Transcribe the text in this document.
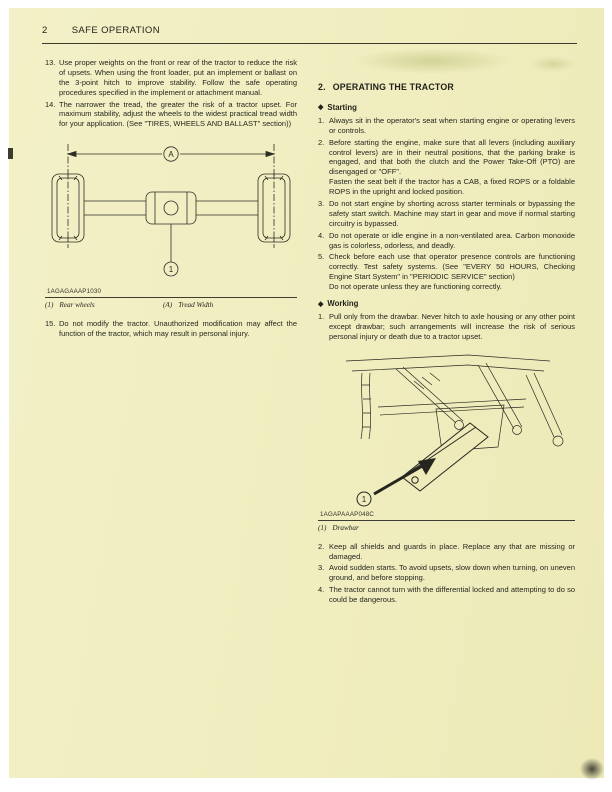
2	SAFE OPERATION
13. Use proper weights on the front or rear of the tractor to reduce the risk of upsets. When using the front loader, put an implement or ballast on the 3-point hitch to improve stability. Follow the safe operating procedures specified in the implement or attachment manual.
14. The narrower the tread, the greater the risk of a tractor upset. For maximum stability, adjust the wheels to the widest practical tread width for your application. (See "TIRES, WHEELS AND BALLAST" section))
A
1
1AGAGAAAP1030
(1) Rear wheels	(A) Tread Width
15. Do not modify the tractor. Unauthorized modification may affect the function of the tractor, which may result in personal injury.
2. OPERATING THE TRACTOR
◆ Starting
1. Always sit in the operator's seat when starting engine or operating levers or controls.
2. Before starting the engine, make sure that all levers (including auxiliary control levers) are in their neutral positions, that the parking brake is engaged, and that both the clutch and the Power Take-Off (PTO) are disengaged or "OFF".
Fasten the seat belt if the tractor has a CAB, a fixed ROPS or a foldable ROPS in the upright and locked position.
3. Do not start engine by shorting across starter terminals or bypassing the safety start switch. Machine may start in gear and move if normal starting circuitry is bypassed.
4. Do not operate or idle engine in a non-ventilated area. Carbon monoxide gas is colorless, odorless, and deadly.
5. Check before each use that operator presence controls are functioning correctly. Test safety systems. (See "EVERY 50 HOURS, Checking Engine Start System" in "PERIODIC SERVICE" section)
Do not operate unless they are functioning correctly.
◆ Working
1. Pull only from the drawbar. Never hitch to axle housing or any other point except drawbar; such arrangements will increase the risk of serious personal injury or death due to a tractor upset.
1
1AGAPAAAP048C
(1) Drawbar
2. Keep all shields and guards in place. Replace any that are missing or damaged.
3. Avoid sudden starts. To avoid upsets, slow down when turning, on uneven ground, and before stopping.
4. The tractor cannot turn with the differential locked and attempting to do so could be dangerous.
